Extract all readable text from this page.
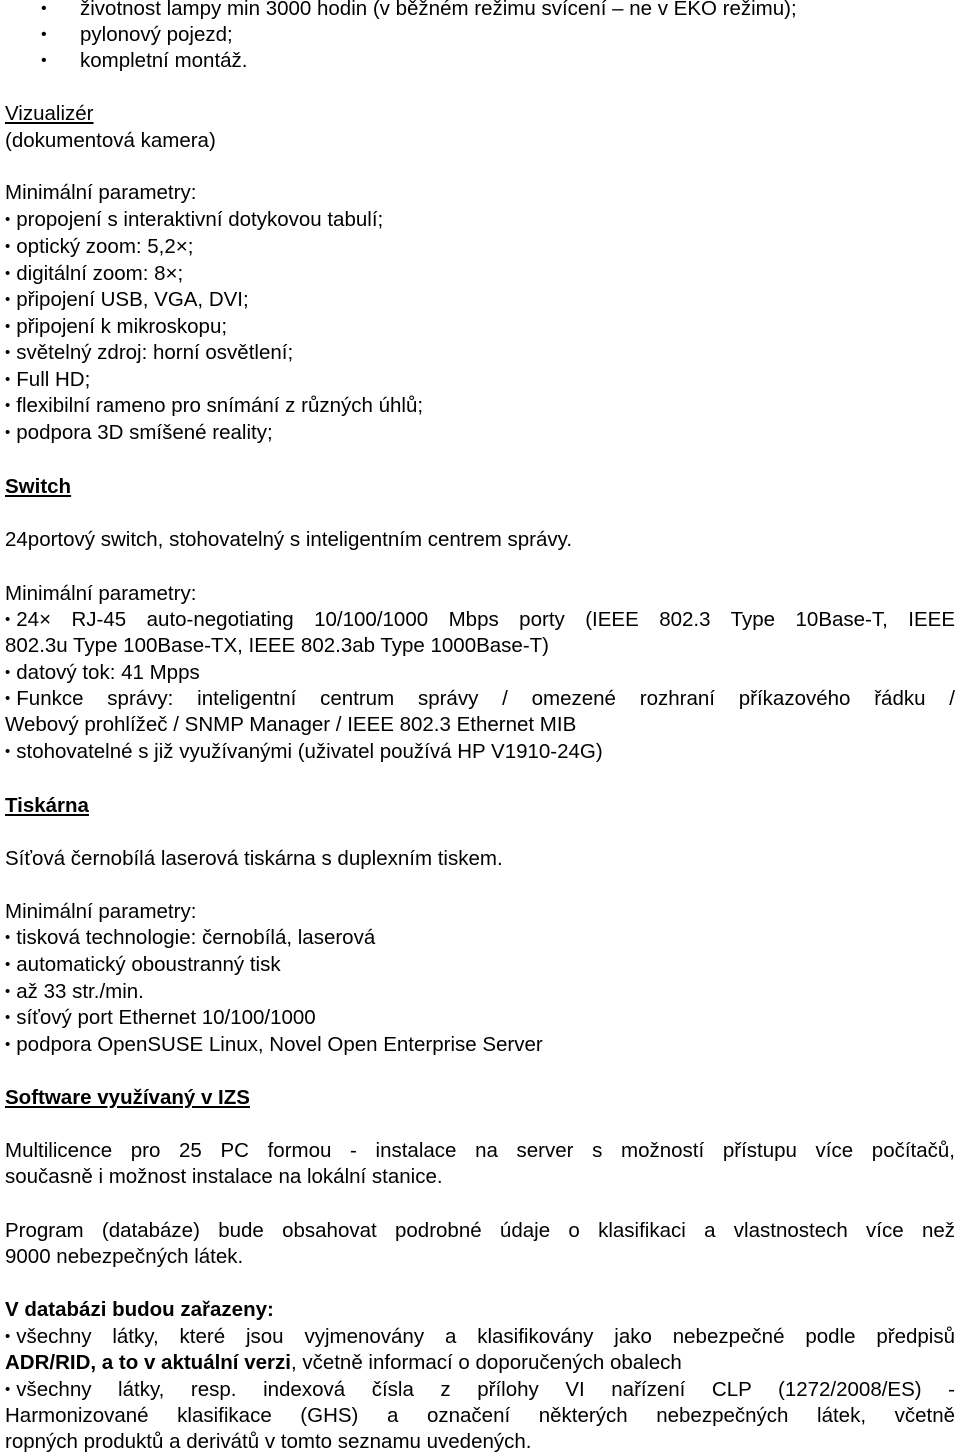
• životnost lampy min 3000 hodin (v běžném režimu svícení – ne v EKO režimu);
• pylonový pojezd;
• kompletní montáž.
Vizualizér
(dokumentová kamera)
Minimální parametry:
• propojení s interaktivní dotykovou tabulí;
• optický zoom: 5,2×;
• digitální zoom: 8×;
• připojení USB, VGA, DVI;
• připojení k mikroskopu;
• světelný zdroj: horní osvětlení;
• Full HD;
• flexibilní rameno pro snímání z různých úhlů;
• podpora 3D smíšené reality;
Switch
24portový switch, stohovatelný s inteligentním centrem správy.
Minimální parametry:
• 24× RJ-45 auto-negotiating 10/100/1000 Mbps porty (IEEE 802.3 Type 10Base-T, IEEE
802.3u Type 100Base-TX, IEEE 802.3ab Type 1000Base-T)
• datový tok: 41 Mpps
• Funkce správy: inteligentní centrum správy / omezené rozhraní příkazového řádku /
Webový prohlížeč / SNMP Manager / IEEE 802.3 Ethernet MIB
• stohovatelné s již využívanými (uživatel používá HP V1910-24G)
Tiskárna
Síťová černobílá laserová tiskárna s duplexním tiskem.
Minimální parametry:
• tisková technologie: černobílá, laserová
• automatický oboustranný tisk
• až 33 str./min.
• síťový port Ethernet 10/100/1000
• podpora OpenSUSE Linux, Novel Open Enterprise Server
Software využívaný v IZS
Multilicence pro 25 PC formou - instalace na server s možností přístupu více počítačů,
současně i možnost instalace na lokální stanice.
Program (databáze) bude obsahovat podrobné údaje o klasifikaci a vlastnostech více než
9000 nebezpečných látek.
V databázi budou zařazeny:
• všechny látky, které jsou vyjmenovány a klasifikovány jako nebezpečné podle předpisů
ADR/RID, a to v aktuální verzi, včetně informací o doporučených obalech
• všechny látky, resp. indexová čísla z přílohy VI nařízení CLP (1272/2008/ES) -
Harmonizované klasifikace (GHS) a označení některých nebezpečných látek, včetně
ropných produktů a derivátů v tomto seznamu uvedených.
